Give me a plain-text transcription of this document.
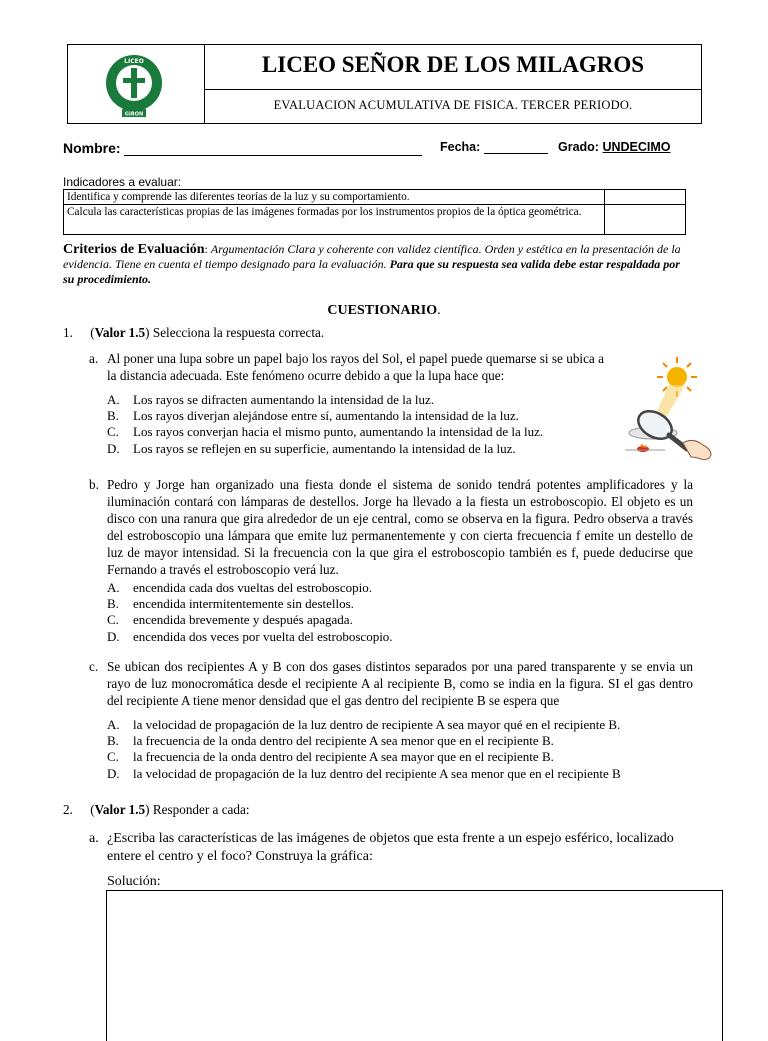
LICEO
GIRON
LICEO SEÑOR DE LOS MILAGROS
EVALUACION ACUMULATIVA DE FISICA. TERCER PERIODO.
Nombre:	Fecha:	Grado: UNDECIMO
Indicadores a evaluar:
Identifica y comprende las diferentes teorías de la luz y su comportamiento.	
Calcula las características propias de las imágenes formadas por los instrumentos propios de la óptica geométrica.	
Criterios de Evaluación: Argumentación Clara y coherente con validez científica. Orden y estética en la presentación de la evidencia. Tiene en cuenta el tiempo designado para la evaluación. Para que su respuesta sea valida debe estar respaldada por su procedimiento.
CUESTIONARIO.
1. (Valor 1.5) Selecciona la respuesta correcta.
a. Al poner una lupa sobre un papel bajo los rayos del Sol, el papel puede quemarse si se ubica a la distancia adecuada. Este fenómeno ocurre debido a que la lupa hace que:
A. Los rayos se difracten aumentando la intensidad de la luz.
B. Los rayos diverjan alejándose entre sí, aumentando la intensidad de la luz.
C. Los rayos converjan hacia el mismo punto, aumentando la intensidad de la luz.
D. Los rayos se reflejen en su superficie, aumentando la intensidad de la luz.
b. Pedro y Jorge han organizado una fiesta donde el sistema de sonido tendrá potentes amplificadores y la iluminación contará con lámparas de destellos. Jorge ha llevado a la fiesta un estroboscopio. El objeto es un disco con una ranura que gira alrededor de un eje central, como se observa en la figura. Pedro observa a través del estroboscopio una lámpara que emite luz permanentemente y con cierta frecuencia f emite un destello de luz de mayor intensidad. Si la frecuencia con la que gira el estroboscopio también es f, puede deducirse que Fernando a través el estroboscopio verá luz.
A. encendida cada dos vueltas del estroboscopio.
B. encendida intermitentemente sin destellos.
C. encendida brevemente y después apagada.
D. encendida dos veces por vuelta del estroboscopio.
c. Se ubican dos recipientes A y B con dos gases distintos separados por una pared transparente y se envia un rayo de luz monocromática desde el recipiente A al recipiente B, como se india en la figura. SI el gas dentro del recipiente A tiene menor densidad que el gas dentro del recipiente B se espera que
A. la velocidad de propagación de la luz dentro de recipiente A sea mayor qué en el recipiente B.
B. la frecuencia de la onda dentro del recipiente A sea menor que en el recipiente B.
C. la frecuencia de la onda dentro del recipiente A sea mayor que en el recipiente B.
D. la velocidad de propagación de la luz dentro del recipiente A sea menor que en el recipiente B
2. (Valor 1.5) Responder a cada:
a. ¿Escriba las características de las imágenes de objetos que esta frente a un espejo esférico, localizado entere el centro y el foco? Construya la gráfica:
Solución:
